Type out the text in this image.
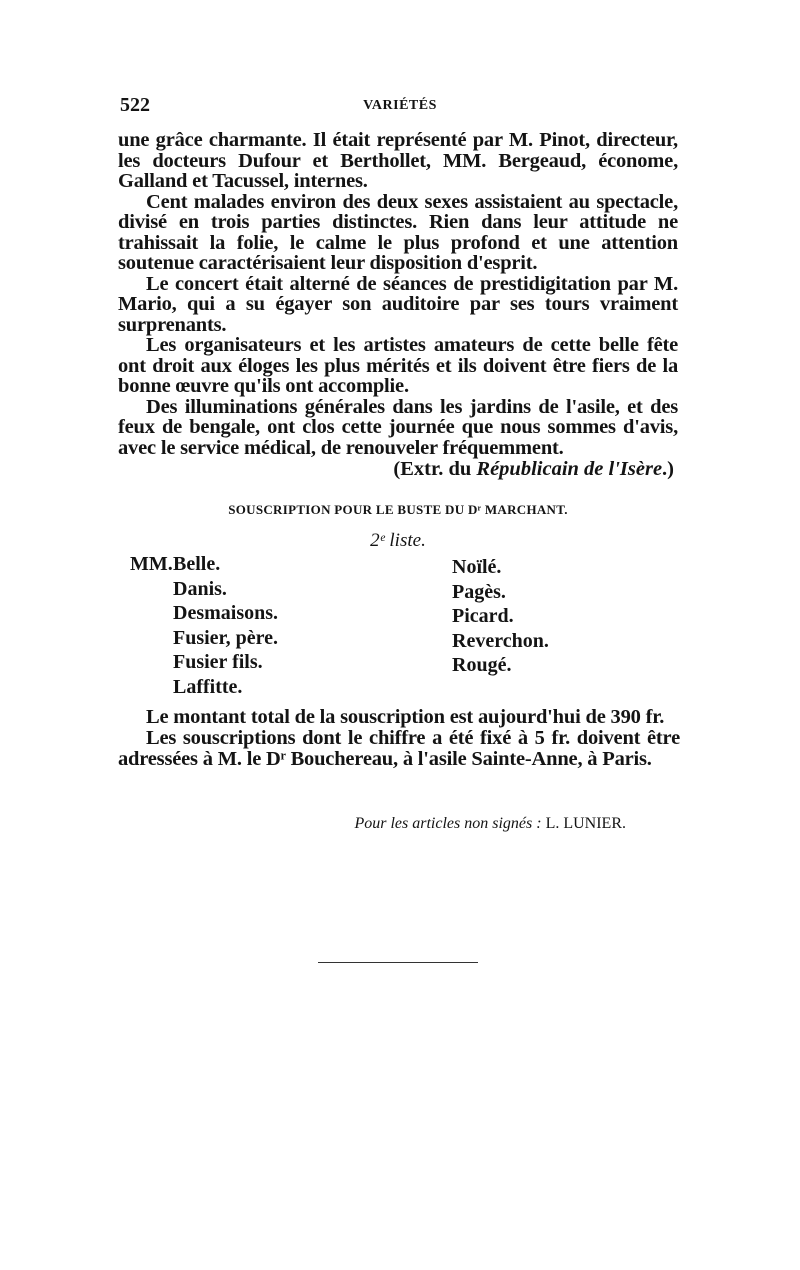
522	VARIÉTÉS

une grâce charmante. Il était représenté par M. Pinot, directeur, les docteurs Dufour et Berthollet, MM. Bergeaud, économe, Galland et Tacussel, internes.

Cent malades environ des deux sexes assistaient au spectacle, divisé en trois parties distinctes. Rien dans leur attitude ne trahissait la folie, le calme le plus profond et une attention soutenue caractérisaient leur disposition d'esprit.

Le concert était alterné de séances de prestidigitation par M. Mario, qui a su égayer son auditoire par ses tours vraiment surprenants.

Les organisateurs et les artistes amateurs de cette belle fête ont droit aux éloges les plus mérités et ils doivent être fiers de la bonne œuvre qu'ils ont accomplie.

Des illuminations générales dans les jardins de l'asile, et des feux de bengale, ont clos cette journée que nous sommes d'avis, avec le service médical, de renouveler fréquemment.

(Extr. du Républicain de l'Isère.)

SOUSCRIPTION POUR LE BUSTE DU Dʳ MARCHANT.
2ᵉ liste.
MM. Belle.
Danis.
Desmaisons.
Fusier, père.
Fusier fils.
Laffitte.
Noïlé.
Pagès.
Picard.
Reverchon.
Rougé.

Le montant total de la souscription est aujourd'hui de 390 fr.

Les souscriptions dont le chiffre a été fixé à 5 fr. doivent être adressées à M. le Dʳ Bouchereau, à l'asile Sainte-Anne, à Paris.

Pour les articles non signés : L. LUNIER.
